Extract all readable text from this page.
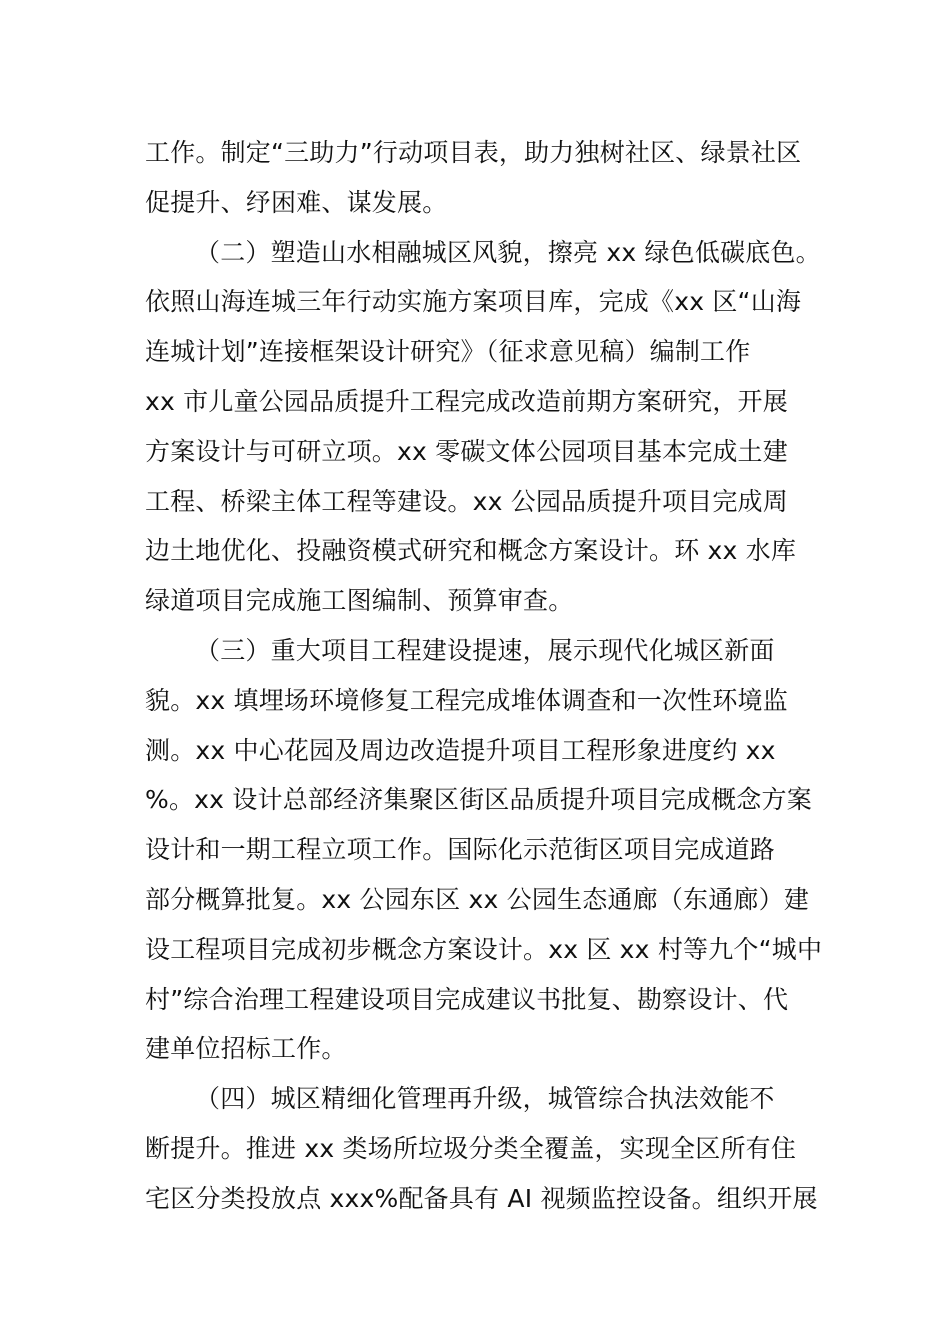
工作。制定“三助力”行动项目表，助力独树社区、绿景社区
促提升、纾困难、谋发展。
（二）塑造山水相融城区风貌，擦亮 xx 绿色低碳底色。
依照山海连城三年行动实施方案项目库，完成《xx 区“山海
连城计划”连接框架设计研究》（征求意见稿）编制工作
xx 市儿童公园品质提升工程完成改造前期方案研究，开展
方案设计与可研立项。xx 零碳文体公园项目基本完成土建
工程、桥梁主体工程等建设。xx 公园品质提升项目完成周
边土地优化、投融资模式研究和概念方案设计。环 xx 水库
绿道项目完成施工图编制、预算审查。
（三）重大项目工程建设提速，展示现代化城区新面
貌。xx 填埋场环境修复工程完成堆体调查和一次性环境监
测。xx 中心花园及周边改造提升项目工程形象进度约 xx
%。xx 设计总部经济集聚区街区品质提升项目完成概念方案
设计和一期工程立项工作。国际化示范街区项目完成道路
部分概算批复。xx 公园东区 xx 公园生态通廊（东通廊）建
设工程项目完成初步概念方案设计。xx 区 xx 村等九个“城中
村”综合治理工程建设项目完成建议书批复、勘察设计、代
建单位招标工作。
（四）城区精细化管理再升级，城管综合执法效能不
断提升。推进 xx 类场所垃圾分类全覆盖，实现全区所有住
宅区分类投放点 xxx%配备具有 AI 视频监控设备。组织开展
